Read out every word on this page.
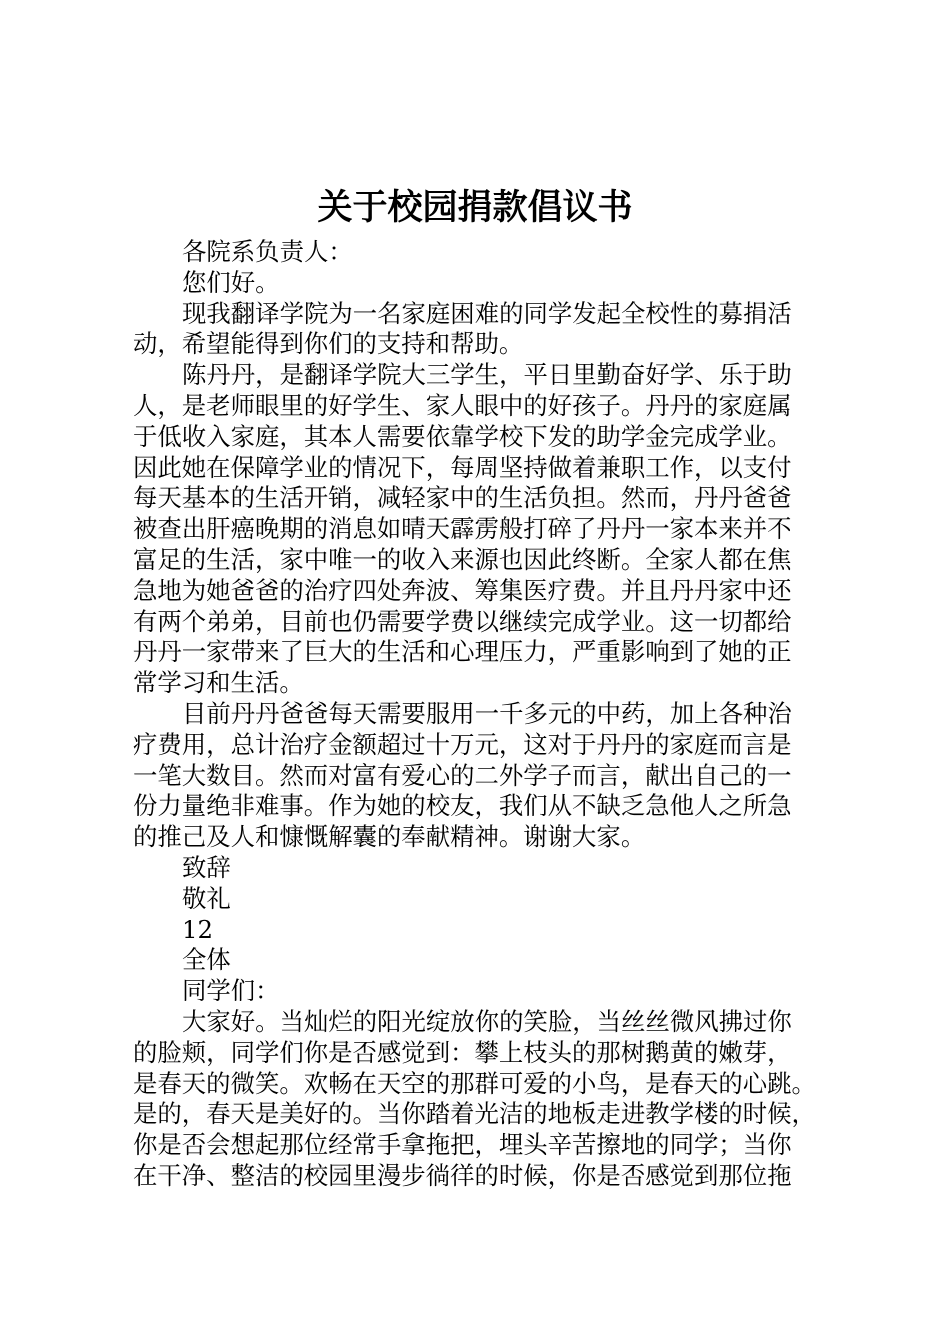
关于校园捐款倡议书
各院系负责人：
您们好。
现我翻译学院为一名家庭困难的同学发起全校性的募捐活
动，希望能得到你们的支持和帮助。
陈丹丹，是翻译学院大三学生，平日里勤奋好学、乐于助
人，是老师眼里的好学生、家人眼中的好孩子。丹丹的家庭属
于低收入家庭，其本人需要依靠学校下发的助学金完成学业。
因此她在保障学业的情况下，每周坚持做着兼职工作，以支付
每天基本的生活开销，减轻家中的生活负担。然而，丹丹爸爸
被查出肝癌晚期的消息如晴天霹雳般打碎了丹丹一家本来并不
富足的生活，家中唯一的收入来源也因此终断。全家人都在焦
急地为她爸爸的治疗四处奔波、筹集医疗费。并且丹丹家中还
有两个弟弟，目前也仍需要学费以继续完成学业。这一切都给
丹丹一家带来了巨大的生活和心理压力，严重影响到了她的正
常学习和生活。
目前丹丹爸爸每天需要服用一千多元的中药，加上各种治
疗费用，总计治疗金额超过十万元，这对于丹丹的家庭而言是
一笔大数目。然而对富有爱心的二外学子而言，献出自己的一
份力量绝非难事。作为她的校友，我们从不缺乏急他人之所急
的推己及人和慷慨解囊的奉献精神。谢谢大家。
致辞
敬礼
12
全体
同学们：
大家好。当灿烂的阳光绽放你的笑脸，当丝丝微风拂过你
的脸颊，同学们你是否感觉到：攀上枝头的那树鹅黄的嫩芽，
是春天的微笑。欢畅在天空的那群可爱的小鸟，是春天的心跳。
是的，春天是美好的。当你踏着光洁的地板走进教学楼的时候，
你是否会想起那位经常手拿拖把，埋头辛苦擦地的同学；当你
在干净、整洁的校园里漫步徜徉的时候，你是否感觉到那位拖
